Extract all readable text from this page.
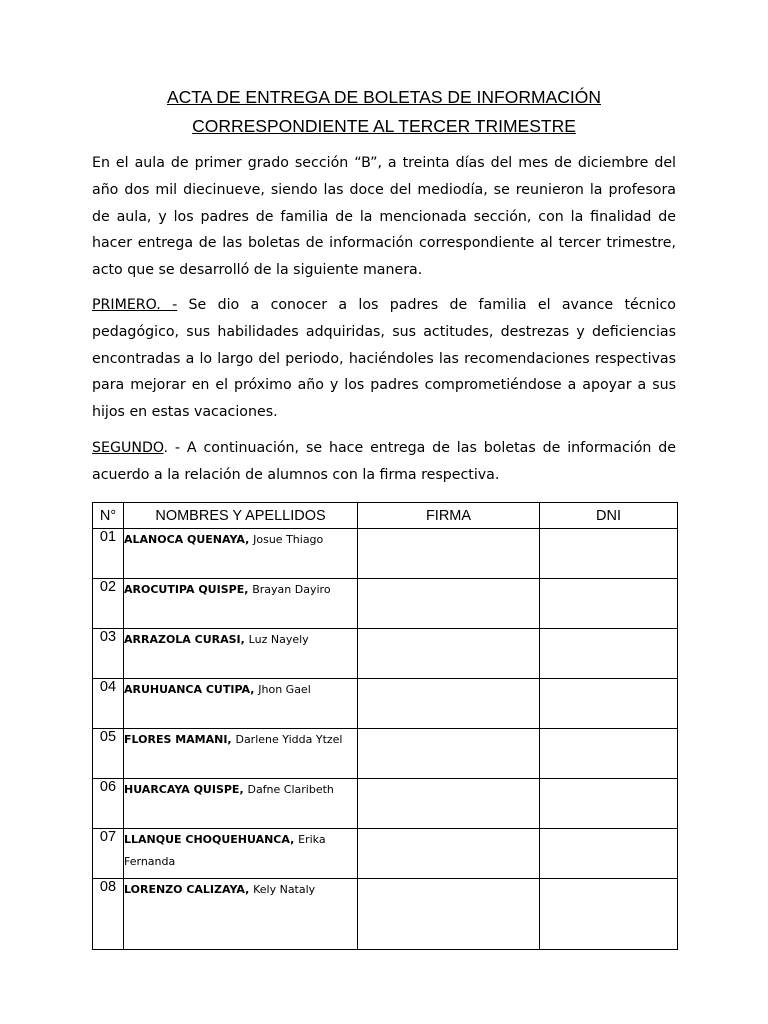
ACTA DE ENTREGA DE BOLETAS DE INFORMACIÓN
CORRESPONDIENTE AL TERCER TRIMESTRE

En el aula de primer grado sección “B”, a treinta días del mes de diciembre del año dos mil diecinueve, siendo las doce del mediodía, se reunieron la profesora de aula, y los padres de familia de la mencionada sección, con la finalidad de hacer entrega de las boletas de información correspondiente al tercer trimestre, acto que se desarrolló de la siguiente manera.

PRIMERO. - Se dio a conocer a los padres de familia el avance técnico pedagógico, sus habilidades adquiridas, sus actitudes, destrezas y deficiencias encontradas a lo largo del periodo, haciéndoles las recomendaciones respectivas para mejorar en el próximo año y los padres comprometiéndose a apoyar a sus hijos en estas vacaciones.

SEGUNDO. - A continuación, se hace entrega de las boletas de información de acuerdo a la relación de alumnos con la firma respectiva.

N°	NOMBRES Y APELLIDOS	FIRMA	DNI
01	ALANOCA QUENAYA, Josue Thiago		
02	AROCUTIPA QUISPE, Brayan Dayiro		
03	ARRAZOLA CURASI, Luz Nayely		
04	ARUHUANCA CUTIPA, Jhon Gael		
05	FLORES MAMANI, Darlene Yidda Ytzel		
06	HUARCAYA QUISPE, Dafne Claribeth		
07	LLANQUE CHOQUEHUANCA, Erika Fernanda		
08	LORENZO CALIZAYA, Kely Nataly		
